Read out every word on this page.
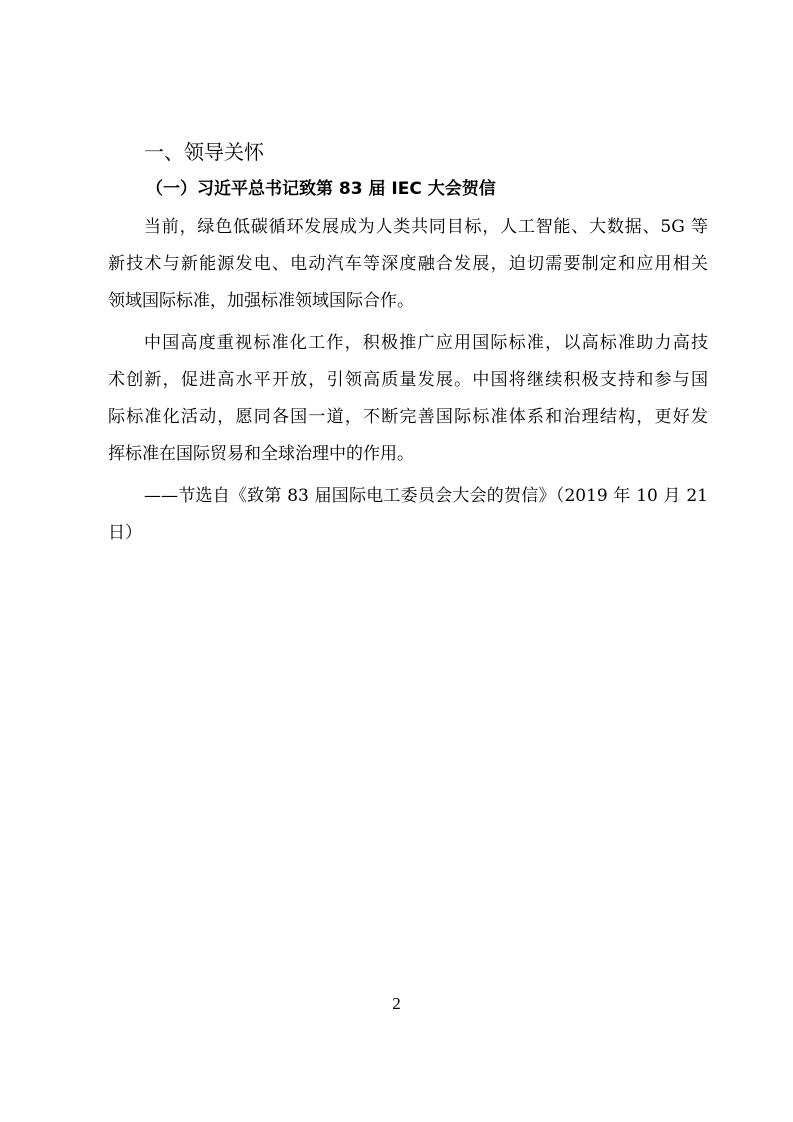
一、领导关怀
（一）习近平总书记致第 83 届 IEC 大会贺信
当前，绿色低碳循环发展成为人类共同目标，人工智能、大数据、5G 等
新技术与新能源发电、电动汽车等深度融合发展，迫切需要制定和应用相关
领域国际标准，加强标准领域国际合作。
中国高度重视标准化工作，积极推广应用国际标准，以高标准助力高技
术创新，促进高水平开放，引领高质量发展。中国将继续积极支持和参与国
际标准化活动，愿同各国一道，不断完善国际标准体系和治理结构，更好发
挥标准在国际贸易和全球治理中的作用。
——节选自《致第 83 届国际电工委员会大会的贺信》（2019 年 10 月 21
日）
2
